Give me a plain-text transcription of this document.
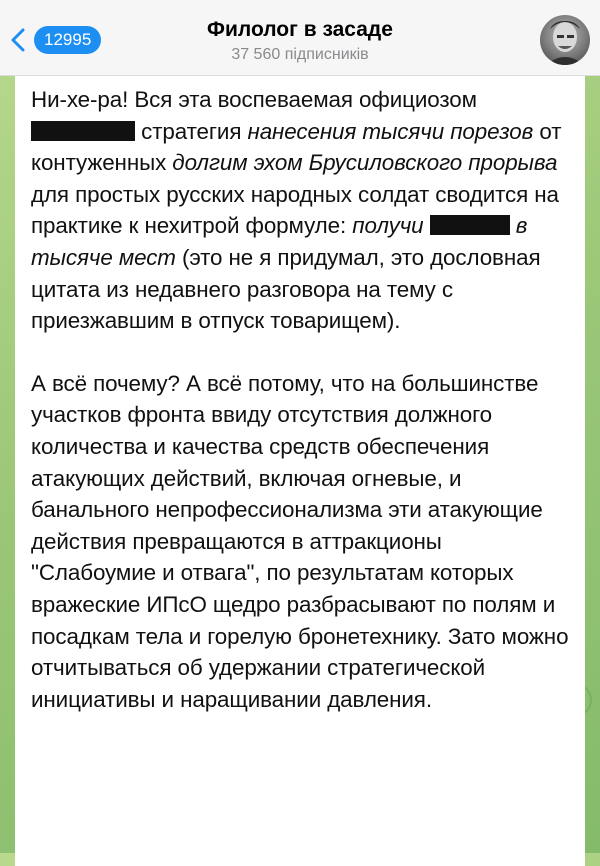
12995	Филолог в засаде
37 560 підписників

Ни-хе-ра! Вся эта воспеваемая официозом  стратегия нанесения тысячи порезов от контуженных долгим эхом Брусиловского прорыва для простых русских народных солдат сводится на практике к нехитрой формуле: получи	в тысяче мест (это не я придумал, это дословная цитата из недавнего разговора на тему с приезжавшим в отпуск товарищем).

А всё почему? А всё потому, что на большинстве участков фронта ввиду отсутствия должного количества и качества средств обеспечения атакующих действий, включая огневые, и банального непрофессионализма эти атакующие действия превращаются в аттракционы "Слабоумие и отвага", по результатам которых вражеские ИПсО щедро разбрасывают по полям и посадкам тела и горелую бронетехнику. Зато можно отчитываться об удержании стратегической инициативы и наращивании давления.
